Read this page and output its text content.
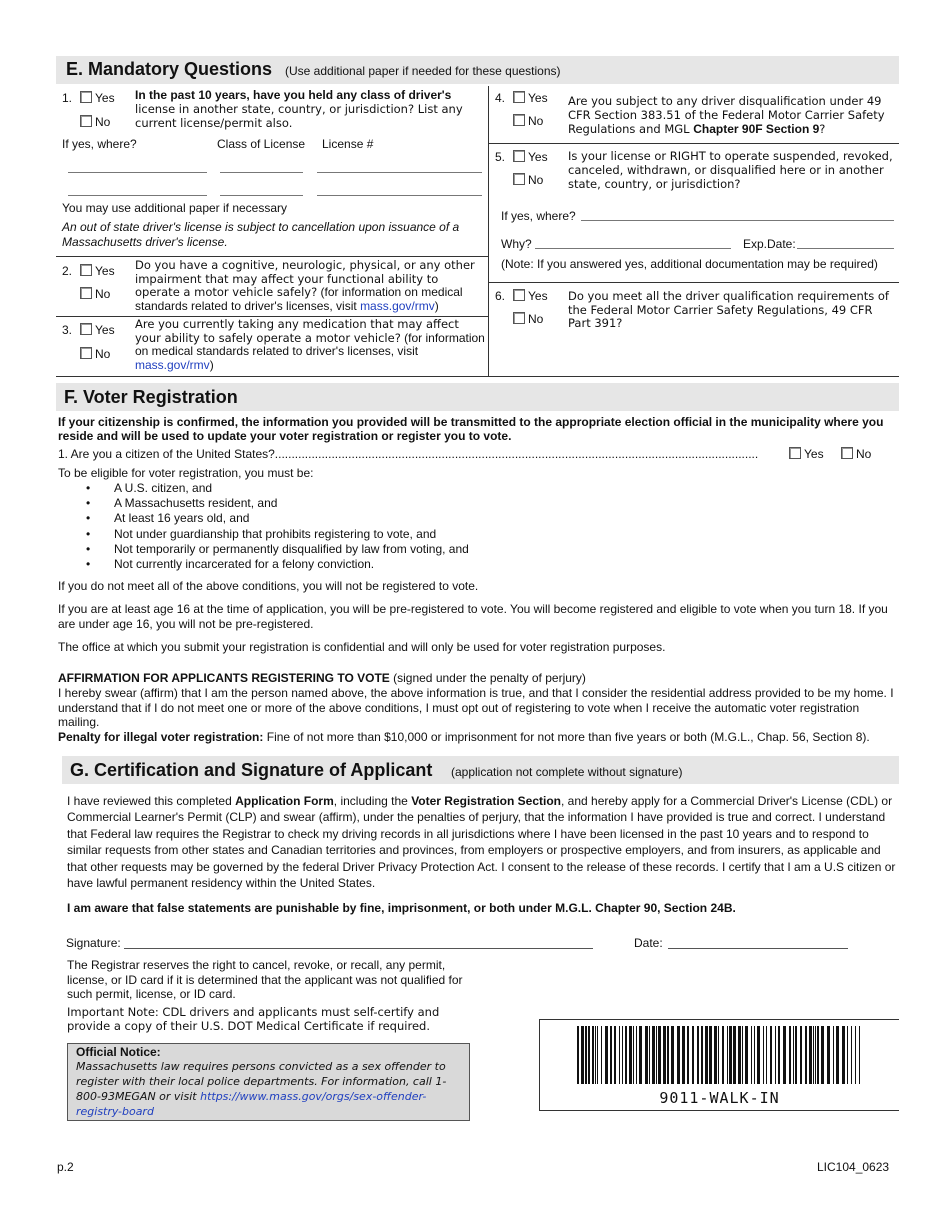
E. Mandatory Questions (Use additional paper if needed for these questions)
1.	Yes
No
In the past 10 years, have you held any class of driver's license in another state, country, or jurisdiction? List any current license/permit also.
If yes, where?	Class of License License #
You may use additional paper if necessary
An out of state driver's license is subject to cancellation upon issuance of a Massachusetts driver's license.
2.	Yes
No
Do you have a cognitive, neurologic, physical, or any other impairment that may affect your functional ability to operate a motor vehicle safely? (for information on medical standards related to driver's licenses, visit mass.gov/rmv)
3.	Yes
No
Are you currently taking any medication that may affect your ability to safely operate a motor vehicle? (for information on medical standards related to driver's licenses, visit mass.gov/rmv)
4.	Yes
No
Are you subject to any driver disqualification under 49 CFR Section 383.51 of the Federal Motor Carrier Safety Regulations and MGL Chapter 90F Section 9?
5.	Yes
No
Is your license or RIGHT to operate suspended, revoked, canceled, withdrawn, or disqualified here or in another state, country, or jurisdiction?
If yes, where?
Why?	Exp.Date:
(Note: If you answered yes, additional documentation may be required)
6.	Yes
No
Do you meet all the driver qualification requirements of the Federal Motor Carrier Safety Regulations, 49 CFR Part 391?
F. Voter Registration
If your citizenship is confirmed, the information you provided will be transmitted to the appropriate election official in the municipality where you reside and will be used to update your voter registration or register you to vote.
1. Are you a citizen of the United States?.................................................................................................................................................	Yes	No
To be eligible for voter registration, you must be:
• A U.S. citizen, and
• A Massachusetts resident, and
• At least 16 years old, and
• Not under guardianship that prohibits registering to vote, and
• Not temporarily or permanently disqualified by law from voting, and
• Not currently incarcerated for a felony conviction.
If you do not meet all of the above conditions, you will not be registered to vote.
If you are at least age 16 at the time of application, you will be pre-registered to vote. You will become registered and eligible to vote when you turn 18. If you are under age 16, you will not be pre-registered.
The office at which you submit your registration is confidential and will only be used for voter registration purposes.
AFFIRMATION FOR APPLICANTS REGISTERING TO VOTE (signed under the penalty of perjury)
I hereby swear (affirm) that I am the person named above, the above information is true, and that I consider the residential address provided to be my home. I understand that if I do not meet one or more of the above conditions, I must opt out of registering to vote when I receive the automatic voter registration mailing.
Penalty for illegal voter registration: Fine of not more than $10,000 or imprisonment for not more than five years or both (M.G.L., Chap. 56, Section 8).
G. Certification and Signature of Applicant (application not complete without signature)
I have reviewed this completed Application Form, including the Voter Registration Section, and hereby apply for a Commercial Driver's License (CDL) or Commercial Learner's Permit (CLP) and swear (affirm), under the penalties of perjury, that the information I have provided is true and correct. I understand that Federal law requires the Registrar to check my driving records in all jurisdictions where I have been licensed in the past 10 years and to respond to similar requests from other states and Canadian territories and provinces, from employers or prospective employers, and from insurers, as applicable and that other requests may be governed by the federal Driver Privacy Protection Act. I consent to the release of these records. I certify that I am a U.S citizen or have lawful permanent residency within the United States.
I am aware that false statements are punishable by fine, imprisonment, or both under M.G.L. Chapter 90, Section 24B.
Signature:	Date:
The Registrar reserves the right to cancel, revoke, or recall, any permit, license, or ID card if it is determined that the applicant was not qualified for such permit, license, or ID card.
Important Note: CDL drivers and applicants must self-certify and provide a copy of their U.S. DOT Medical Certificate if required.
Official Notice:
Massachusetts law requires persons convicted as a sex offender to register with their local police departments. For information, call 1-800-93MEGAN or visit https://www.mass.gov/orgs/sex-offender-registry-board
9011-WALK-IN
p.2	LIC104_0623
